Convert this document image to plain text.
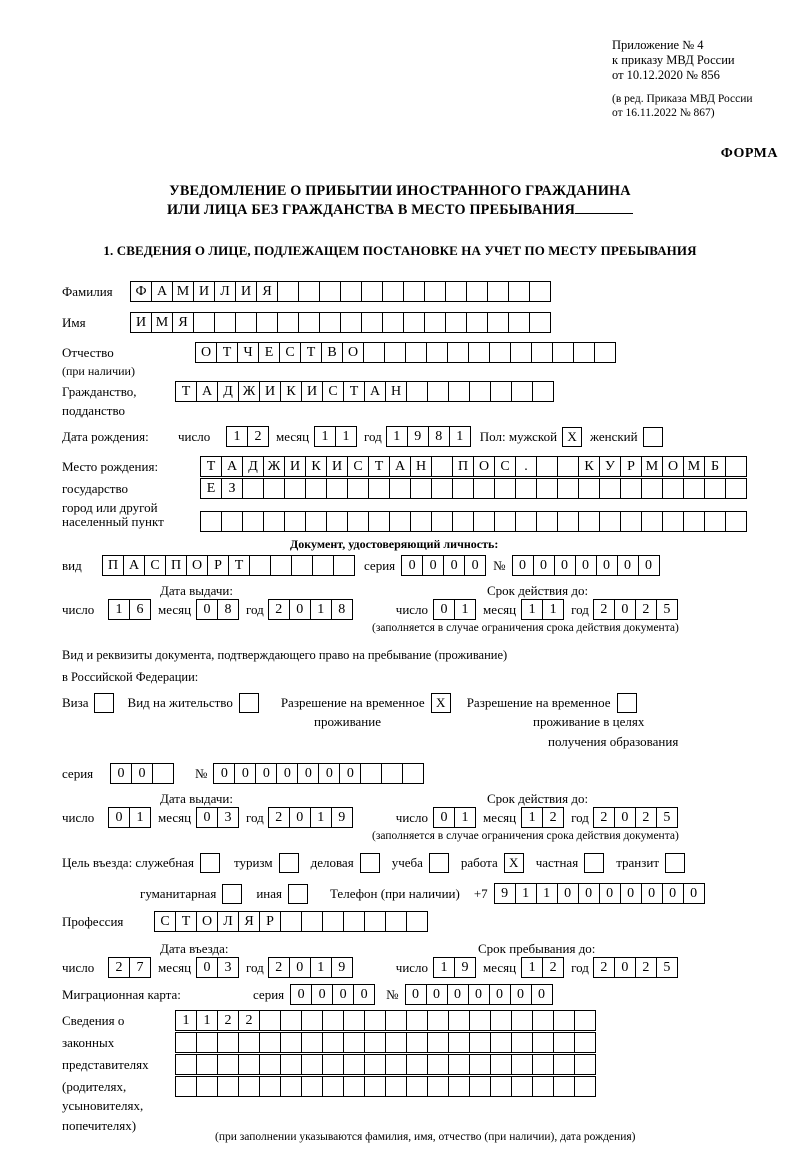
Приложение № 4
к приказу МВД России
от 10.12.2020 № 856
(в ред. Приказа МВД России
от 16.11.2022 № 867)
ФОРМА
УВЕДОМЛЕНИЕ О ПРИБЫТИИ ИНОСТРАННОГО ГРАЖДАНИНА
ИЛИ ЛИЦА БЕЗ ГРАЖДАНСТВА В МЕСТО ПРЕБЫВАНИЯ
1. СВЕДЕНИЯ О ЛИЦЕ, ПОДЛЕЖАЩЕМ ПОСТАНОВКЕ НА УЧЕТ ПО МЕСТУ ПРЕБЫВАНИЯ
Фамилия	Ф А М И Л И Я
Имя	И М Я
Отчество	О Т Ч Е С Т В О
(при наличии)
Гражданство,	Т А Д Ж И К И С Т А Н
подданство
Дата рождения:	число	1	2	месяц 1	1	год 1	9	8	1	Пол: мужской X	женский
Место рождения:	Т А Д Ж И К И С Т А Н	П О С	.	К У Р М О М Б
государство	Е З
город или другой
населенный пункт
Документ, удостоверяющий личность:
вид	П А С П О Р Т	серия 0	0	0	0	№ 0	0	0	0	0	0	0
Дата выдачи:	Срок действия до:
число	1	6	месяц 0	8	год 2	0	1	8	число 0	1	месяц 1	1	год 2	0	2	5
(заполняется в случае ограничения срока действия документа)
Вид и реквизиты документа, подтверждающего право на пребывание (проживание)
в Российской Федерации:
Виза	Вид на жительство	Разрешение на временное X	Разрешение на временное
проживание	проживание в целях
получения образования
серия	0	0	№ 0	0	0	0	0	0	0
Дата выдачи:	Срок действия до:
число	0	1	месяц 0	3	год 2	0	1	9	число 0	1	месяц 1	2	год 2	0	2	5
(заполняется в случае ограничения срока действия документа)
Цель въезда: служебная	туризм	деловая	учеба	работа X	частная	транзит
гуманитарная	иная	Телефон (при наличии) +7 9	1	1	0	0	0	0	0	0	0
Профессия	С Т О Л Я Р
Дата въезда:	Срок пребывания до:
число	2	7	месяц 0	3	год 2	0	1	9	число 1	9	месяц 1	2	год 2	0	2	5
Миграционная карта:	серия 0	0	0	0	№ 0	0	0	0	0	0	0
Сведения о	1	1	2	2
законных
представителях
(родителях,
усыновителях,
попечителях)
(при заполнении указываются фамилия, имя, отчество (при наличии), дата рождения)
